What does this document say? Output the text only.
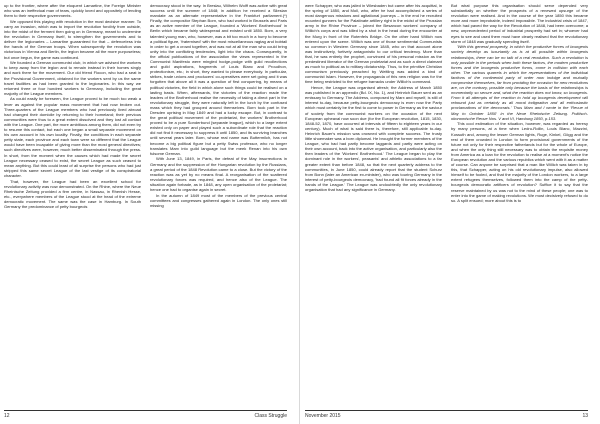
up to the frontier, where after the eloquent Lamartine, the Foreign Minister who was an ineffectual man of tears, quickly loved and oppositely of lending them to their respective governments.

We opposed this playing with revolution in the most decisive manner. To carry an invasion, which was to import the revolution forcibly from outside, into the midst of the ferment then going on in Germany, meant to undermine the revolution in Germany itself, to strengthen the governments and to deliver the legionaries – Lamartine guaranteed for that – defenceless into the hands of the German troops. When subsequently the revolution was victorious in Vienna and Berlin, the legion became all the more purposeless; but once begun, the game was continued.

We founded a German communist club, in which we advised the workers to keep away from the legion and to remain instead in their homes singly and work there for the movement. Our old friend Flocon, who had a seat in the Provisional Government, obtained for the workers sent by us the same travel facilities as had been granted to the legionaries. In this way we returned three or four hundred workers to Germany, including the great majority of the League members.

As could easily be foreseen, the League proved to be much too weak a lever as against the popular mass movement that had now broken out. Three-quarters of the League members who had previously lived abroad had changed their domicile by returning to their homeland; their previous communities were thus to a great extent dissolved and they lost all contact with the League. One part, the more ambitious among them, did not even try to resume this contact, but each one began a small separate movement on his own account in his own locality. Finally, the conditions in each separate petty state, each province and each town were so different that the League would have been incapable of giving more than the most general directives; such directives were, however, much better disseminated through the press. In short, from the moment when the causes which had made the secret League necessary ceased to exist, the secret League as such ceased to mean anything. But this could least of all surprise the persons who had just stripped this same secret League of the last vestige of its conspiratorial character.

That, however, the League had been an excellent school for revolutionary activity was now demonstrated. On the Rhine, where the Neue Rheinische Zeitung provided a firm centre, in Nassau, in Rhenish Hesse, etc., everywhere members of the League stood at the head of the extreme democratic movement. The same was the case in Hamburg. In South Germany the predominance of petty bourgeois

democracy stood in the way. In Breslau, Wilhelm Wolff was active with great success until the summer of 1848; in addition he received a Silesian mandate as an alternate representative in the Frankfurt parliament.(*) Finally, the compositor Stephan Born, who had worked in Brussels and Paris as an active member of the League, founded a 'Workers' Brotherhood' in Berlin which became fairly widespread and existed until 1850. Born, a very talented young man, who, however, was a bit too much in a hurry to become a political figure, 'fraternised' with the most miscellaneous ragtag and bobtail in order to get a crowd together, and was not at all the man who could bring unity into the conflicting tendencies, light into the chaos. Consequently, in the official publications of the association the views represented in the Communist Manifesto were mingled hodge-podge with guild recollections and guild aspirations, fragments of Louis Blanc and Proudhon, protectionism, etc.; in short, they wanted to please everybody. In particular, strikes, trade unions and producers' co-operatives were set going and it was forgotten that above all it was a question of first conquering, by means of political victories, the field in which alone such things could be realised on a lasting basis. When, afterwards, the victories of the reaction made the leaders of the Brotherhood realise the necessity of taking a direct part in the revolutionary struggle, they were naturally left in the lurch by the confused mass which they had grouped around themselves. Born took part in the Dresden uprising in May 1849 and had a lucky escape. But, in contrast to the great political movement of the proletariat, the workers' Brotherhood proved to be a pure Sonderbund [separate league], which to a large extent existed only on paper and played such a subordinate role that the reaction did not find it necessary to suppress it until 1850, and its surviving branches until several years later. Born, whose real name was Buttermilch, has not become a big political figure but a petty Swiss professor, who no longer translates Marx into guild language but the meek Renan into his own fulsome German.

With June 13, 1849, in Paris, the defeat of the May insurrections in Germany and the suppression of the Hungarian revolution by the Russians, a great period of the 1848 Revolution came to a close. But the victory of the reaction was as yet by no means final. A reorganisation of the scattered revolutionary forces was required, and hence also of the League. The situation again forbade, as in 1848, any open organisation of the proletariat; hence one had to organise again in secret.

In the autumn of 1849 most of the members of the previous central committees and congresses gathered again in London. The only ones still missing

were Schapper, who was jailed in Wiesbaden but came after his acquittal, in the spring of 1850, and Moll, who, after he had accomplished a series of most dangerous missions and agitational journeys – in the end he recruited mounted gunners for the Palatinate artillery right in the midst of the Prussian army in the Rhine Province – joined the Besancon workers' company of Willich's corps and was killed by a shot in the head during the encounter at the Murg in front of the Rotenfels Bridge. On the other hand Willich now entered upon the scene. Willich was one of those sentimental Communists so common in Western Germany since 1845, who on that account alone was instinctively, furtively antagonistic to our critical tendency. More than that, he was entirely the prophet, convinced of his personal mission as the predestined liberator of the German proletariat and as such a direct claimant as much to political as to military dictatorship. Thus, to the primitive Christian communism previously preached by Weitling was added a kind of communist Islam. However, the propaganda of this new religion was for the time being restricted to the refugee barracks under Willich's command.

Hence, the League was organised afresh; the Address of March 1850 was published in an appendix (Bd. IX, No. 1), and Heinrich Bauer sent as an emissary to Germany. The Address, composed by Marx and myself, is still of interest to-day, because petty-bourgeois democracy is even now the Party which must certainly be the first to come to power in Germany as the saviour of society from the communist workers on the occasion of the next European upheaval now soon due (for the European revolution, 1815, 1830, 1848-52, 1870, have occurred at intervals of fifteen to eighteen years in our century). Much of what is said there is, therefore, still applicable to-day. Heinrich Bauer's mission was crowned with complete success. The trusty little shoemaker was a born diplomat. He brought the former members of the League, who had had partly become laggards and partly were acting on their own account, back into the active organisation, and particularly also the then leaders of the 'Workers' Brotherhood.' The League began to play the dominant role in the workers', peasants' and athletic associations to a far greater extent than before 1848, so that the next quarterly address to the communities, in June 1850, could already report that the student Schurz from Bonn (later an American ex-minister), who was touring Germany in the interest of petty-bourgeois democracy, 'had found all fit forces already in the hands of the League.' The League was undoubtedly the only revolutionary organisation that had any significance in Germany.

But what purpose this organisation should serve depended very substantially on whether the prospects of a renewed upsurge of the revolution were realised. And in the course of the year 1850 this became more and more improbable, indeed impossible. The industrial crisis of 1847, which had paved the way for the Revolution of 1848, had been overcome; a new, unprecedented period of industrial prosperity had set in; whoever had eyes to see and used them must have clearly realised that the revolutionary storm of 1848 was gradually spending itself.

'With this general prosperity, in which the productive forces of bourgeois society develop as luxuriantly as is at all possible within bourgeois relationships, there can be no talk of a real revolution. Such a revolution is only possible in the periods when both these factors, the modern productive forces and the bourgeois productive forms, come in collision with each other. The various quarrels in which the representatives of the individual factions of the continental party of order now indulge and mutually compromise themselves, far from providing the occasion for new revolutions are, on the contrary, possible only because the basis of the relationships is momentarily so secure and, what the reaction does not know, so bourgeois. From it all attempts of the reaction to hold up bourgeois development will rebound just as certainly as all moral indignation and all enthusiastic proclamations of the democrats.' Thus Marx and I wrote in the 'Revue of May to October 1850' in the Neue Rheinische Zeitung. Politisch-okonomische Revue Nos. V and VI, Hamburg 1850, p.153.

This cool estimation of the situation, however, was regarded as heresy by many persons, at a time when Ledru-Rollin, Louis Blanc, Mazzini, Kossuth and, among the lesser German lights, Ruge, Kinkel, Gögg and the rest of them crowded in London to form provisional governments of the future not only for their respective fatherlands but for the whole of Europe, and when the only thing still necessary was to obtain the requisite money from America as a loan for the revolution to realise at a moment's notice the European revolution and the various republics which went with it as a matter of course. Can anyone be surprised that a man like Willich was taken in by this, that Schapper, acting on his old revolutionary impulse, also allowed himself to be fooled, and that the majority of the London workers, to a large extent refugees themselves, followed them into the camp of the petty-bourgeois democratic artificers of revolution? Suffice it to say that the reserve maintained by us was not to the mind of these people; one was to enter into the game of making revolutions. We most decisively refused to do so. A split ensued; more about this is to

12	Class Struggle	November 2015	13
